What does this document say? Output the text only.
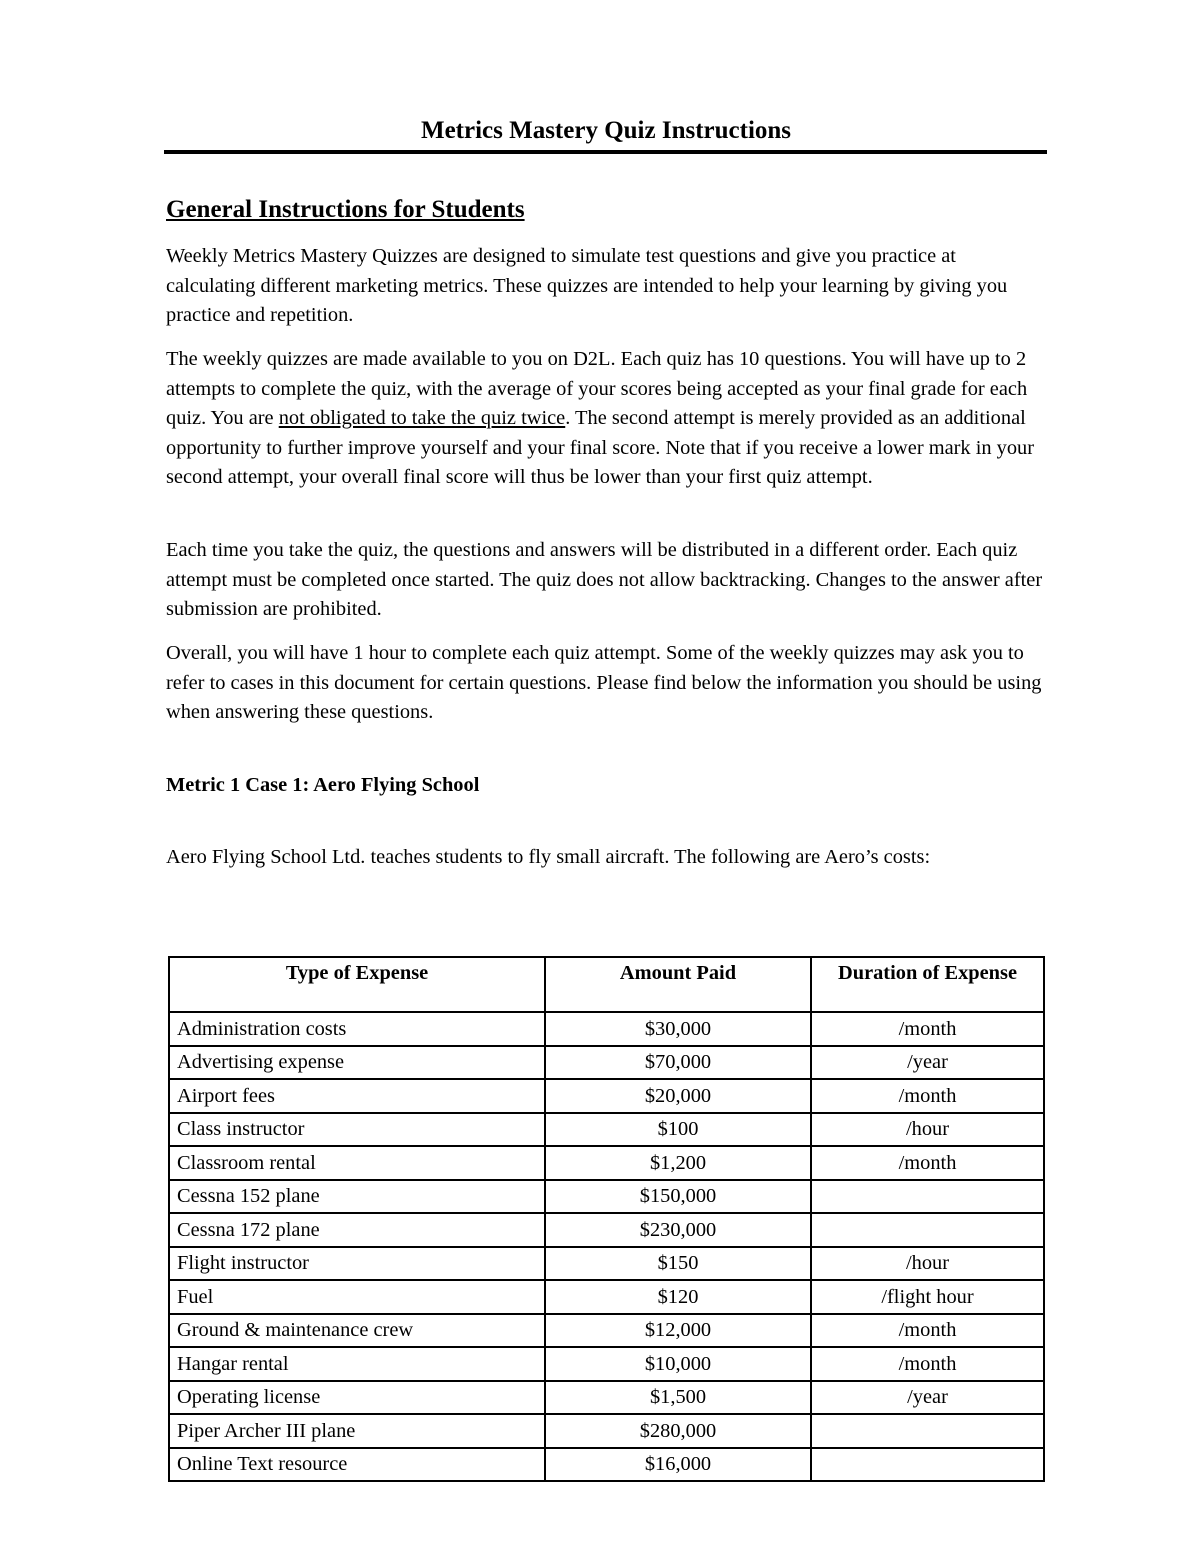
Metrics Mastery Quiz Instructions
General Instructions for Students

Weekly Metrics Mastery Quizzes are designed to simulate test questions and give you practice at calculating different marketing metrics. These quizzes are intended to help your learning by giving you practice and repetition.

The weekly quizzes are made available to you on D2L. Each quiz has 10 questions. You will have up to 2 attempts to complete the quiz, with the average of your scores being accepted as your final grade for each quiz. You are not obligated to take the quiz twice. The second attempt is merely provided as an additional opportunity to further improve yourself and your final score. Note that if you receive a lower mark in your second attempt, your overall final score will thus be lower than your first quiz attempt.

Each time you take the quiz, the questions and answers will be distributed in a different order. Each quiz attempt must be completed once started. The quiz does not allow backtracking. Changes to the answer after submission are prohibited.

Overall, you will have 1 hour to complete each quiz attempt. Some of the weekly quizzes may ask you to refer to cases in this document for certain questions. Please find below the information you should be using when answering these questions.

Metric 1 Case 1: Aero Flying School

Aero Flying School Ltd. teaches students to fly small aircraft. The following are Aero’s costs:

Type of Expense	Amount Paid	Duration of Expense
Administration costs	$30,000	/month
Advertising expense	$70,000	/year
Airport fees	$20,000	/month
Class instructor	$100	/hour
Classroom rental	$1,200	/month
Cessna 152 plane	$150,000	
Cessna 172 plane	$230,000	
Flight instructor	$150	/hour
Fuel	$120	/flight hour
Ground & maintenance crew	$12,000	/month
Hangar rental	$10,000	/month
Operating license	$1,500	/year
Piper Archer III plane	$280,000	
Online Text resource	$16,000	
